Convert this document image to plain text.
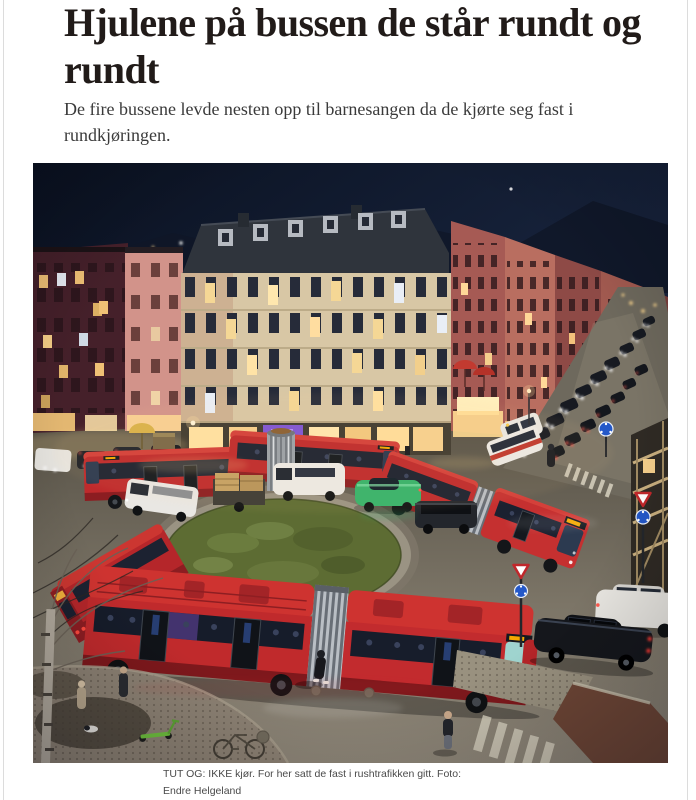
Hjulene på bussen de står rundt og rundt

De fire bussene levde nesten opp til barnesangen da de kjørte seg fast i rundkjøringen.

TUT OG: IKKE kjør. For her satt de fast i rushtrafikken gitt. Foto:
Endre Helgeland
